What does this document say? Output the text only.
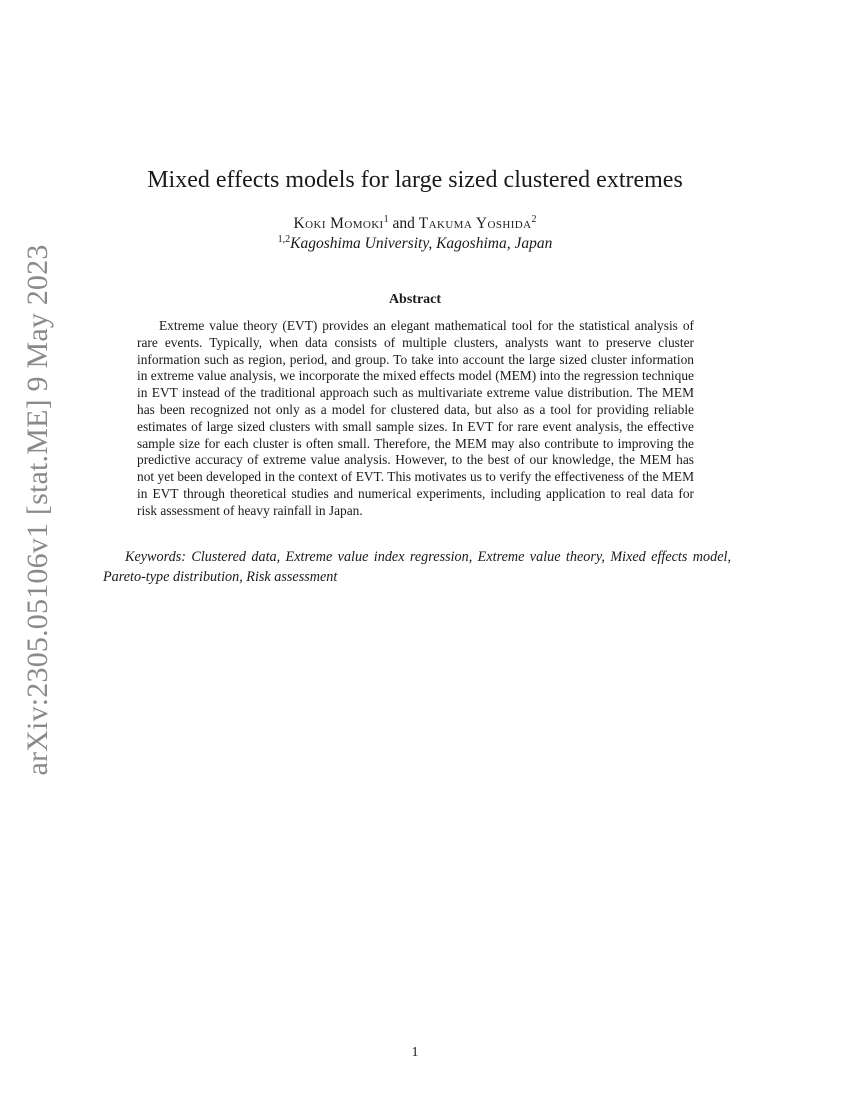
arXiv:2305.05106v1 [stat.ME] 9 May 2023
Mixed effects models for large sized clustered extremes
Koki Momoki$^1$ and Takuma Yoshida$^2$
$^{1,2}$Kagoshima University, Kagoshima, Japan
Abstract

Extreme value theory (EVT) provides an elegant mathematical tool for the statistical analysis of rare events. Typically, when data consists of multiple clusters, analysts want to preserve cluster information such as region, period, and group. To take into account the large sized cluster information in extreme value analysis, we incorporate the mixed effects model (MEM) into the regression technique in EVT instead of the traditional approach such as multivariate extreme value distribution. The MEM has been recognized not only as a model for clustered data, but also as a tool for providing reliable estimates of large sized clusters with small sample sizes. In EVT for rare event analysis, the effective sample size for each cluster is often small. Therefore, the MEM may also contribute to improving the predictive accuracy of extreme value analysis. However, to the best of our knowledge, the MEM has not yet been developed in the context of EVT. This motivates us to verify the effectiveness of the MEM in EVT through theoretical studies and numerical experiments, including application to real data for risk assessment of heavy rainfall in Japan.

Keywords: Clustered data, Extreme value index regression, Extreme value theory, Mixed effects model, Pareto-type distribution, Risk assessment

1
